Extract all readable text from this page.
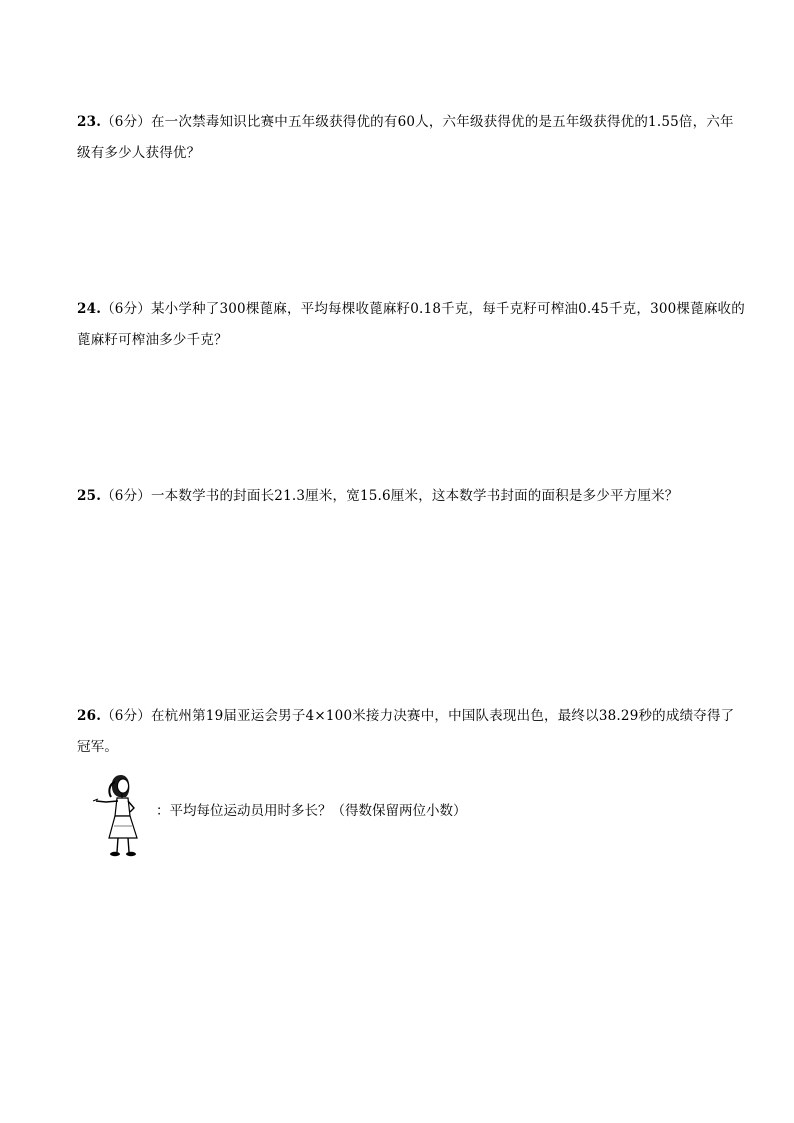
23.（6分）在一次禁毒知识比赛中五年级获得优的有60人，六年级获得优的是五年级获得优的1.55倍，六年级有多少人获得优？
24.（6分）某小学种了300棵蓖麻，平均每棵收蓖麻籽0.18千克，每千克籽可榨油0.45千克，300棵蓖麻收的蓖麻籽可榨油多少千克？
25.（6分）一本数学书的封面长21.3厘米，宽15.6厘米，这本数学书封面的面积是多少平方厘米？
26.（6分）在杭州第19届亚运会男子4×100米接力决赛中，中国队表现出色，最终以38.29秒的成绩夺得了冠军。
：平均每位运动员用时多长？（得数保留两位小数）
